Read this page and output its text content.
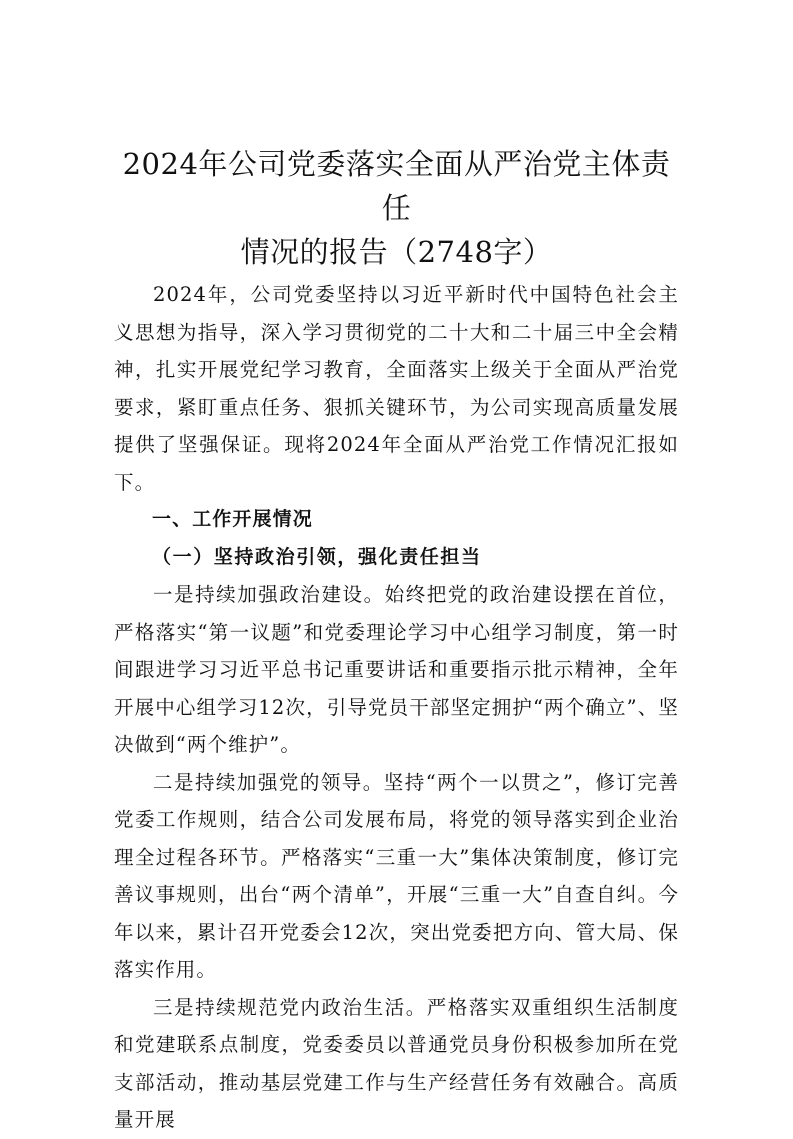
2024年公司党委落实全面从严治党主体责任
情况的报告（2748字）

2024年，公司党委坚持以习近平新时代中国特色社会主义思想为指导，深入学习贯彻党的二十大和二十届三中全会精神，扎实开展党纪学习教育，全面落实上级关于全面从严治党要求，紧盯重点任务、狠抓关键环节，为公司实现高质量发展提供了坚强保证。现将2024年全面从严治党工作情况汇报如下。

一、工作开展情况

（一）坚持政治引领，强化责任担当

一是持续加强政治建设。始终把党的政治建设摆在首位，严格落实“第一议题”和党委理论学习中心组学习制度，第一时间跟进学习习近平总书记重要讲话和重要指示批示精神，全年开展中心组学习12次，引导党员干部坚定拥护“两个确立”、坚决做到“两个维护”。

二是持续加强党的领导。坚持“两个一以贯之”，修订完善党委工作规则，结合公司发展布局，将党的领导落实到企业治理全过程各环节。严格落实“三重一大”集体决策制度，修订完善议事规则，出台“两个清单”，开展“三重一大”自查自纠。今年以来，累计召开党委会12次，突出党委把方向、管大局、保落实作用。

三是持续规范党内政治生活。严格落实双重组织生活制度和党建联系点制度，党委委员以普通党员身份积极参加所在党支部活动，推动基层党建工作与生产经营任务有效融合。高质量开展
